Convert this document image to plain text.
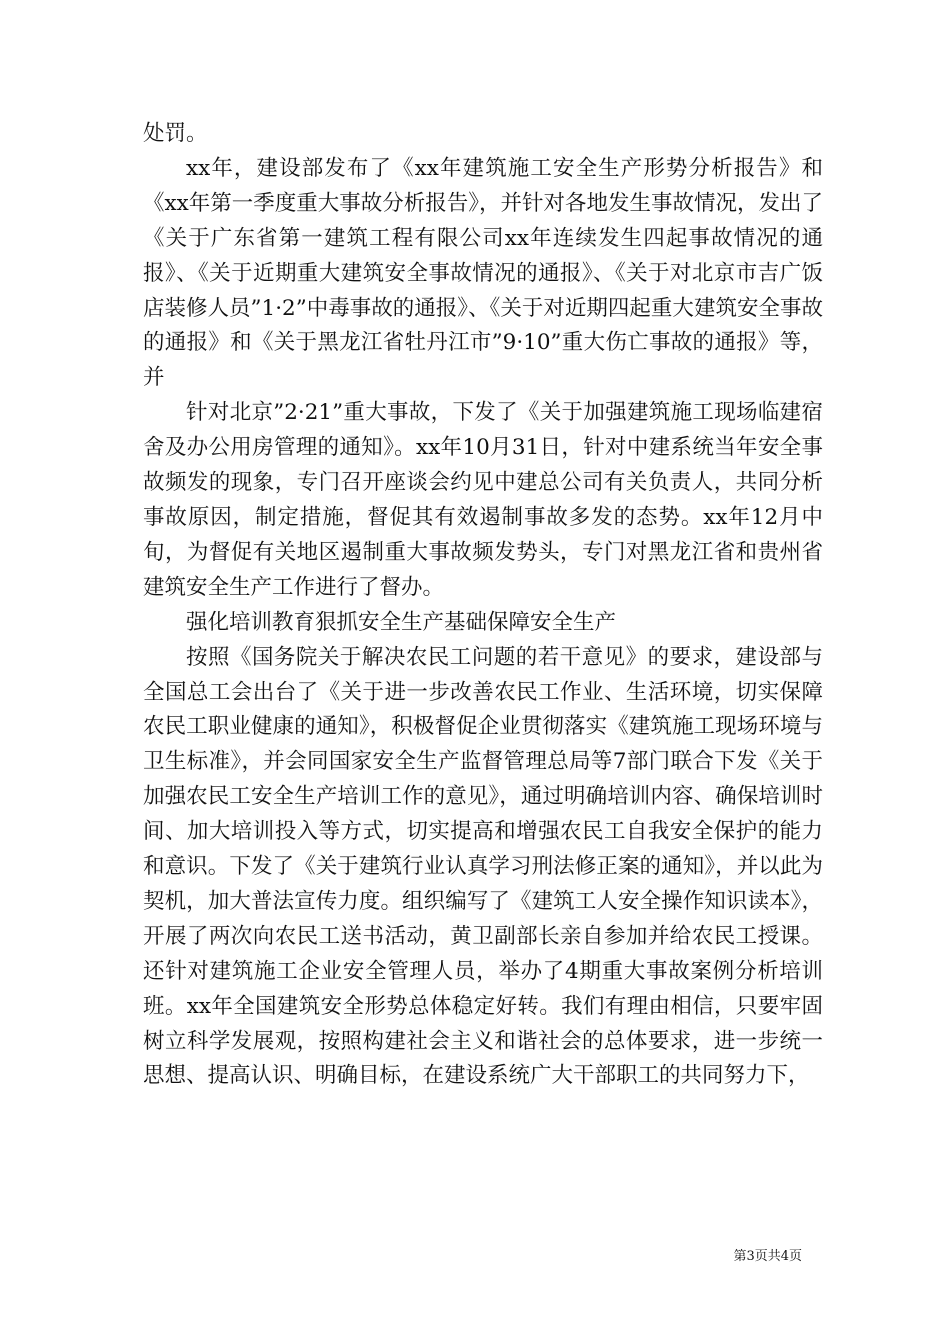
处罚。

xx年，建设部发布了《xx年建筑施工安全生产形势分析报告》和《xx年第一季度重大事故分析报告》，并针对各地发生事故情况，发出了《关于广东省第一建筑工程有限公司xx年连续发生四起事故情况的通报》、《关于近期重大建筑安全事故情况的通报》、《关于对北京市吉广饭店装修人员”1·2”中毒事故的通报》、《关于对近期四起重大建筑安全事故的通报》和《关于黑龙江省牡丹江市”9·10”重大伤亡事故的通报》等，并

针对北京”2·21”重大事故，下发了《关于加强建筑施工现场临建宿舍及办公用房管理的通知》。xx年10月31日，针对中建系统当年安全事故频发的现象，专门召开座谈会约见中建总公司有关负责人，共同分析事故原因，制定措施，督促其有效遏制事故多发的态势。xx年12月中旬，为督促有关地区遏制重大事故频发势头，专门对黑龙江省和贵州省建筑安全生产工作进行了督办。

强化培训教育狠抓安全生产基础保障安全生产

按照《国务院关于解决农民工问题的若干意见》的要求，建设部与全国总工会出台了《关于进一步改善农民工作业、生活环境，切实保障农民工职业健康的通知》，积极督促企业贯彻落实《建筑施工现场环境与卫生标准》，并会同国家安全生产监督管理总局等7部门联合下发《关于加强农民工安全生产培训工作的意见》，通过明确培训内容、确保培训时间、加大培训投入等方式，切实提高和增强农民工自我安全保护的能力和意识。下发了《关于建筑行业认真学习刑法修正案的通知》，并以此为契机，加大普法宣传力度。组织编写了《建筑工人安全操作知识读本》，开展了两次向农民工送书活动，黄卫副部长亲自参加并给农民工授课。还针对建筑施工企业安全管理人员，举办了4期重大事故案例分析培训班。xx年全国建筑安全形势总体稳定好转。我们有理由相信，只要牢固树立科学发展观，按照构建社会主义和谐社会的总体要求，进一步统一思想、提高认识、明确目标，在建设系统广大干部职工的共同努力下，

第3页共4页
